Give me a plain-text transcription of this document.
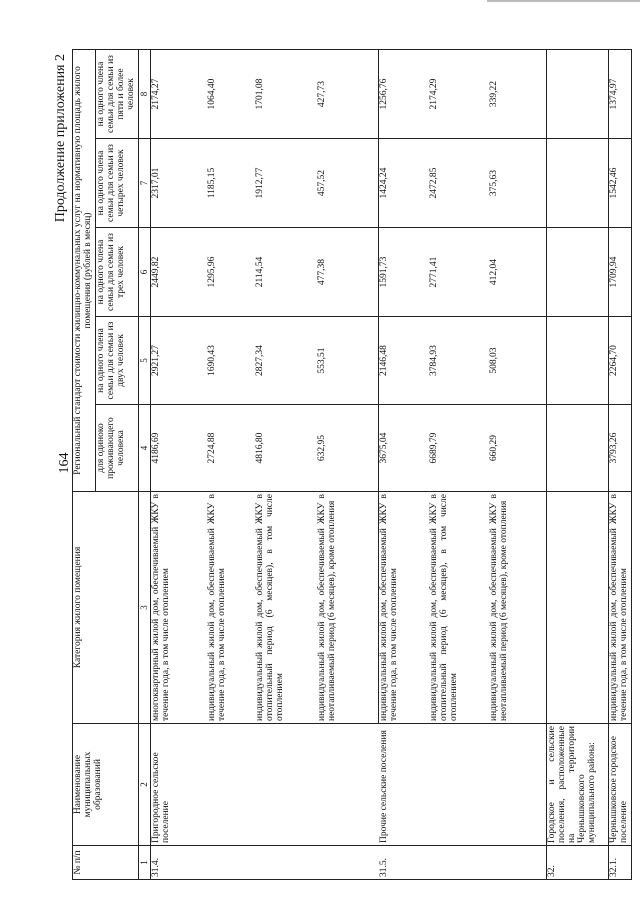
164
Продолжение приложения 2
№ п/п	Наименование муниципальных образований	Категория жилого помещения	Региональный стандарт стоимости жилищно-коммунальных услуг на нормативную площадь жилого помещения (рублей в месяц)				
			для одиноко проживающего человека	на одного члена семьи для семьи из двух человек	на одного члена семьи для семьи из трех человек	на одного члена семьи для семьи из четырех человек	на одного члена семьи для семьи из пяти и более человек
1	2	3	4	5	6	7	8
31.4.	Пригородное сельское поселение	многоквартирный жилой дом, обеспечиваемый ЖКУ в течение года, в том числе отоплением	4186,69	2921,27	2449,82	2317,01	2174,27
		индивидуальный жилой дом, обеспечиваемый ЖКУ в течение года, в том числе отоплением	2724,88	1690,43	1295,96	1185,15	1064,40
		индивидуальный жилой дом, обеспечиваемый ЖКУ в отопительный период (6 месяцев), в том числе отоплением	4816,80	2827,34	2114,54	1912,77	1701,08
		индивидуальный жилой дом, обеспечиваемый ЖКУ в неотапливаемый период (6 месяцев), кроме отопления	632,95	553,51	477,38	457,52	427,73
31.5.	Прочие сельские поселения	индивидуальный жилой дом, обеспечиваемый ЖКУ в течение года, в том числе отоплением	3675,04	2146,48	1591,73	1424,24	1256,76
		индивидуальный жилой дом, обеспечиваемый ЖКУ в отопительный период (6 месяцев), в том числе отоплением	6689,79	3784,93	2771,41	2472,85	2174,29
		индивидуальный жилой дом, обеспечиваемый ЖКУ в неотапливаемый период (6 месяцев), кроме отопления	660,29	508,03	412,04	375,63	339,22
32.	Городское и сельские поселения, расположенные на территории Чернышковского муниципального района:						
32.1.	Чернышковское городское поселение	индивидуальный жилой дом, обеспечиваемый ЖКУ в течение года, в том числе отоплением	3793,26	2264,70	1709,94	1542,46	1374,97
